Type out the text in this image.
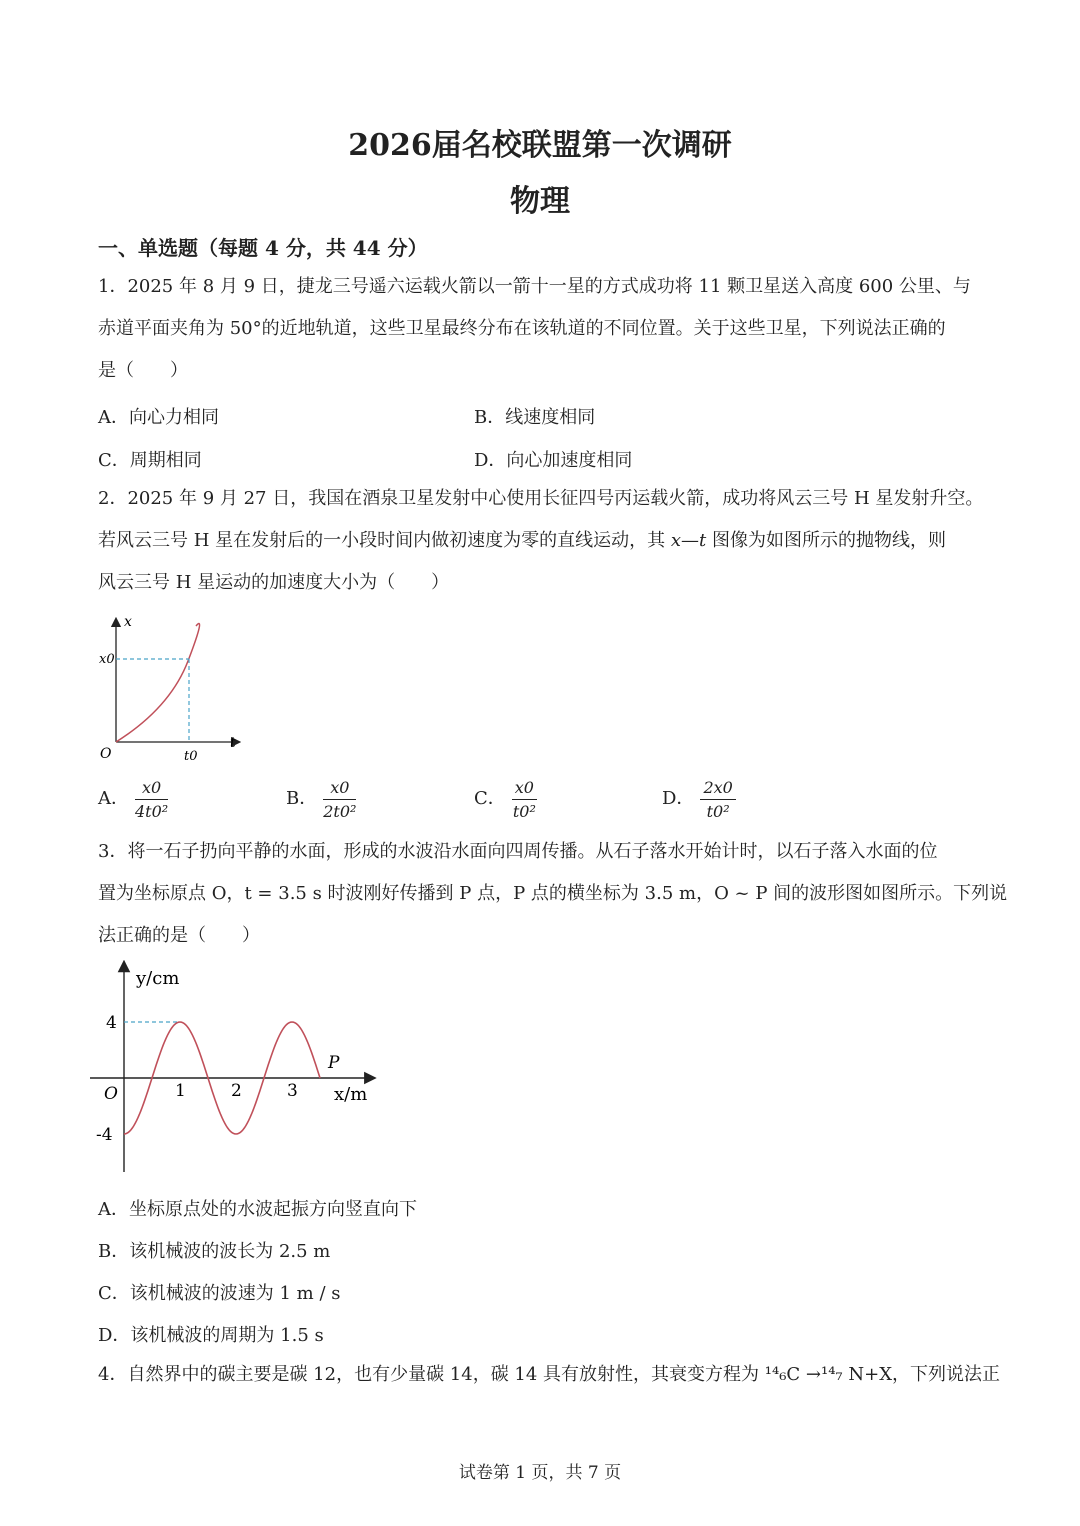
2026届名校联盟第一次调研
物理
一、单选题（每题 4 分，共 44 分）
1．2025 年 8 月 9 日，捷龙三号遥六运载火箭以一箭十一星的方式成功将 11 颗卫星送入高度 600 公里、与
赤道平面夹角为 50°的近地轨道，这些卫星最终分布在该轨道的不同位置。关于这些卫星，下列说法正确的
是（　　）
A．向心力相同	B．线速度相同
C．周期相同	D．向心加速度相同
2．2025 年 9 月 27 日，我国在酒泉卫星发射中心使用长征四号丙运载火箭，成功将风云三号 H 星发射升空。
若风云三号 H 星在发射后的一小段时间内做初速度为零的直线运动，其 x—t 图像为如图所示的抛物线，则
风云三号 H 星运动的加速度大小为（　　）
x
t
O
x0
t0
A． $\frac{x0}{\text{4t0²}}$	B． $\frac{x0}{\text{2t0²}}$	C． $\frac{x0}{\text{t0²}}$	D． $\frac{2x0}{\text{t0²}}$
3．将一石子扔向平静的水面，形成的水波沿水面向四周传播。从石子落水开始计时，以石子落入水面的位
置为坐标原点 O，t = 3.5 s 时波刚好传播到 P 点，P 点的横坐标为 3.5 m，O ~ P 间的波形图如图所示。下列说
法正确的是（　　）
1	2	3
4
-4
O
P
y/cm
x/m
A．坐标原点处的水波起振方向竖直向下
B．该机械波的波长为 2.5 m
C．该机械波的波速为 1 m / s
D．该机械波的周期为 1.5 s
4．自然界中的碳主要是碳 12，也有少量碳 14，碳 14 具有放射性，其衰变方程为 ¹⁴₆C →¹⁴₇ N+X，下列说法正
试卷第 1 页，共 7 页
